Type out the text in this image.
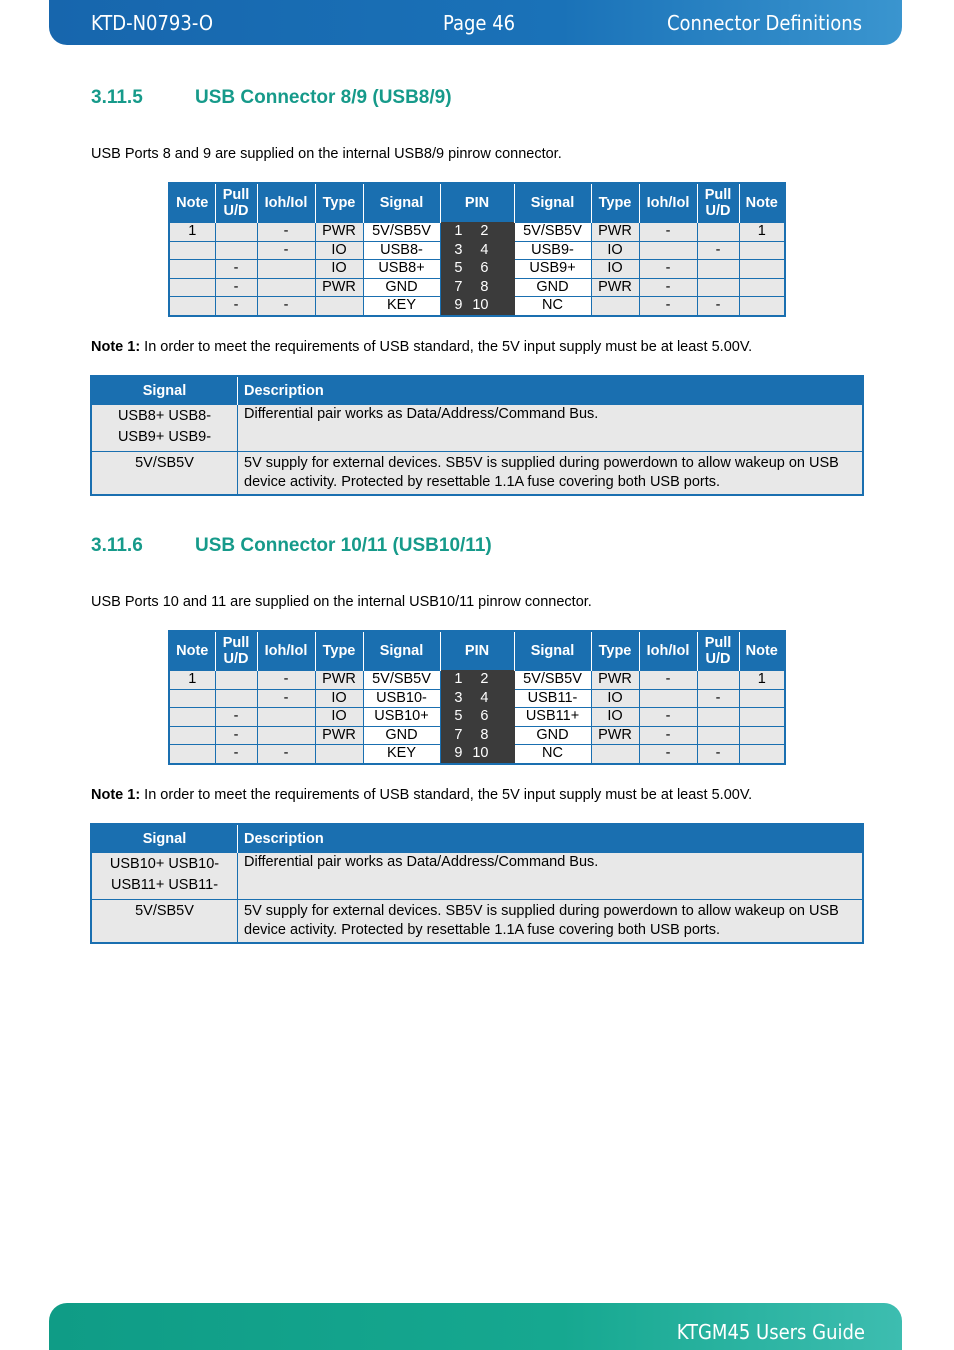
KTD-N0793-O	Page 46	Connector Definitions
3.11.5	USB Connector 8/9 (USB8/9)
USB Ports 8 and 9 are supplied on the internal USB8/9 pinrow connector.
Note	Pull
U/D	Ioh/Iol	Type	Signal	PIN	Signal	Type	Ioh/Iol	Pull
U/D	Note
1		-	PWR	5V/SB5V	1 2	5V/SB5V	PWR	-		1
		-	IO	USB8-	3 4	USB9-	IO		-	
	-		IO	USB8+	5 6	USB9+	IO	-		
	-		PWR	GND	7 8	GND	PWR	-		
	-	-		KEY	9 10	NC		-	-	
Note 1: In order to meet the requirements of USB standard, the 5V input supply must be at least 5.00V.
Signal	Description

USB8+ USB8-
USB9+ USB9-	Differential pair works as Data/Address/Command Bus.
5V/SB5V	5V supply for external devices. SB5V is supplied during powerdown to allow wakeup on USB device activity. Protected by resettable 1.1A fuse covering both USB ports.
3.11.6	USB Connector 10/11 (USB10/11)
USB Ports 10 and 11 are supplied on the internal USB10/11 pinrow connector.
Note	Pull
U/D	Ioh/Iol	Type	Signal	PIN	Signal	Type	Ioh/Iol	Pull
U/D	Note
1		-	PWR	5V/SB5V	1 2	5V/SB5V	PWR	-		1
		-	IO	USB10-	3 4	USB11-	IO		-	
	-		IO	USB10+	5 6	USB11+	IO	-		
	-		PWR	GND	7 8	GND	PWR	-		
	-	-		KEY	9 10	NC		-	-	
Note 1: In order to meet the requirements of USB standard, the 5V input supply must be at least 5.00V.
Signal	Description

USB10+ USB10-
USB11+ USB11-	Differential pair works as Data/Address/Command Bus.
5V/SB5V	5V supply for external devices. SB5V is supplied during powerdown to allow wakeup on USB device activity. Protected by resettable 1.1A fuse covering both USB ports.
KTGM45 Users Guide
